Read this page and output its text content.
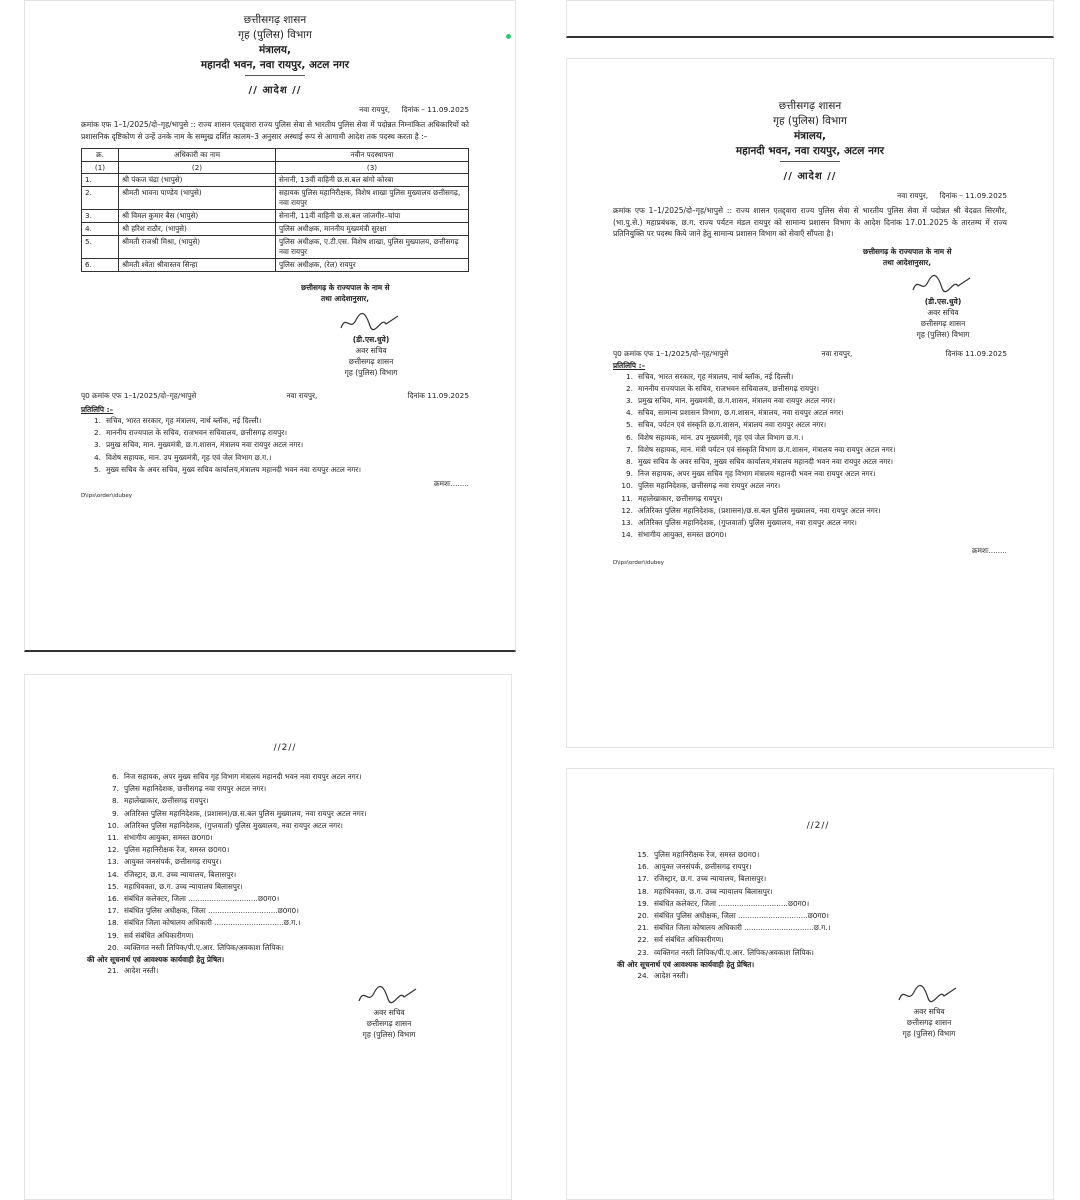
छत्तीसगढ़ शासन
गृह (पुलिस) विभाग
मंत्रालय,
महानदी भवन, नवा रायपुर, अटल नगर
// आदेश //
नवा रायपुर, दिनांक – 11.09.2025
क्रमांक एफ 1–1/2025/दो–गृह/भापुसे :: राज्य शासन एतद्द्वारा राज्य पुलिस सेवा से भारतीय पुलिस सेवा में पदोन्नत निम्नांकित अधिकारियों को प्रशासनिक दृष्टिकोण से उन्हें उनके नाम के सम्मुख दर्शित कालम–3 अनुसार अस्थाई रूप से आगामी आदेश तक पदस्थ करता है :–
क्र.	अधिकारी का नाम	नवीन पदस्थापना
(1)	(2)	(3)
1.	श्री पंकज चंद्रा (भापुसे)	सेनानी, 13वीं वाहिनी छ.स.बल बांगो कोरबा
2.	श्रीमती भावना पाण्डेय (भापुसे)	सहायक पुलिस महानिरीक्षक, विशेष शाखा पुलिस मुख्यालय छत्तीसगढ़, नवा रायपुर
3.	श्री विमल कुमार बैस (भापुसे)	सेनानी, 11वीं वाहिनी छ.स.बल जांजगीर–चांपा
4.	श्री हरिश राठौर, (भापुसे)	पुलिस अधीक्षक, माननीय मुख्यमंत्री सुरक्षा
5.	श्रीमती राजश्री मिश्रा, (भापुसे)	पुलिस अधीक्षक, ए.टी.एस. विशेष शाखा, पुलिस मुख्यालय, छत्तीसगढ़ नवा रायपुर
6.	श्रीमती श्वेता श्रीवास्तव सिन्हा	पुलिस अधीक्षक, (रेल) रायपुर
छत्तीसगढ़ के राज्यपाल के नाम से
तथा आदेशानुसार,
(डी.एस.धुवे)
अवर सचिव
छत्तीसगढ़ शासन
गृह (पुलिस) विभाग
पृ0 क्रमांक एफ 1–1/2025/दो–गृह/भापुसे	नवा रायपुर,	दिनांक 11.09.2025
प्रतिलिपि :–
1. सचिव, भारत सरकार, गृह मंत्रालय, नार्थ ब्लॉक, नई दिल्ली।
2. माननीय राज्यपाल के सचिव, राजभवन सचिवालय, छत्तीसगढ़ रायपुर।
3. प्रमुख सचिव, मान. मुख्यमंत्री, छ.ग.शासन, मंत्रालय नवा रायपुर अटल नगर।
4. विशेष सहायक, मान. उप मुख्यमंत्री, गृह एवं जेल विभाग छ.ग.।
5. मुख्य सचिव के अवर सचिव, मुख्य सचिव कार्यालय,मंत्रालय महानदी भवन नवा रायपुर अटल नगर।
क्रमशः........
D\ips\order\idubey
छत्तीसगढ़ शासन
गृह (पुलिस) विभाग
मंत्रालय,
महानदी भवन, नवा रायपुर, अटल नगर
// आदेश //
नवा रायपुर, दिनांक – 11.09.2025
क्रमांक एफ 1–1/2025/दो–गृह/भापुसे :: राज्य शासन एतद्द्वारा राज्य पुलिस सेवा से भारतीय पुलिस सेवा में पदोन्नत श्री वेदव्रत सिरमौर, (भा.पु.से.) महाप्रबंधक, छ.ग. राज्य पर्यटन मंडल रायपुर को सामान्य प्रशासन विभाग के आदेश दिनांक 17.01.2025 के तारतम्य में राज्य प्रतिनियुक्ति पर पदस्थ किये जाने हेतु सामान्य प्रशासन विभाग को सेवाएँ सौंपता है।
छत्तीसगढ़ के राज्यपाल के नाम से
तथा आदेशानुसार,
(डी.एस.धुवे)
अवर सचिव
छत्तीसगढ़ शासन
गृह (पुलिस) विभाग
पृ0 क्रमांक एफ 1–1/2025/दो–गृह/भापुसे	नवा रायपुर,	दिनांक 11.09.2025
प्रतिलिपि :–
1. सचिव, भारत सरकार, गृह मंत्रालय, नार्थ ब्लॉक, नई दिल्ली।
2. माननीय राज्यपाल के सचिव, राजभवन सचिवालय, छत्तीसगढ़ रायपुर।
3. प्रमुख सचिव, मान. मुख्यमंत्री, छ.ग.शासन, मंत्रालय नवा रायपुर अटल नगर।
4. सचिव, सामान्य प्रशासन विभाग, छ.ग.शासन, मंत्रालय, नवा रायपुर अटल नगर।
5. सचिव, पर्यटन एवं संस्कृति छ.ग.शासन, मंत्रालय नवा रायपुर अटल नगर।
6. विशेष सहायक, मान. उप मुख्यमंत्री, गृह एवं जेल विभाग छ.ग.।
7. विशेष सहायक, मान. मंत्री पर्यटन एवं संस्कृति विभाग छ.ग.शासन, मंत्रालय नवा रायपुर अटल नगर।
8. मुख्य सचिव के अवर सचिव, मुख्य सचिव कार्यालय,मंत्रालय महानदी भवन नवा रायपुर अटल नगर।
9. निज सहायक, अपर मुख्य सचिव गृह विभाग मंत्रालय महानदी भवन नवा रायपुर अटल नगर।
10. पुलिस महानिदेशक, छत्तीसगढ़ नवा रायपुर अटल नगर।
11. महालेखाकार, छत्तीसगढ़ रायपुर।
12. अतिरिक्त पुलिस महानिदेशक, (प्रशासन)/छ.स.बल पुलिस मुख्यालय, नवा रायपुर अटल नगर।
13. अतिरिक्त पुलिस महानिदेशक, (गुप्तवार्ता) पुलिस मुख्यालय, नवा रायपुर अटल नगर।
14. संभागीय आयुक्त, समस्त छ0ग0।
क्रमशः........
D\ips\order\idubey
//2//
6. निज सहायक, अपर मुख्य सचिव गृह विभाग मंत्रालय महानदी भवन नवा रायपुर अटल नगर।
7. पुलिस महानिदेशक, छत्तीसगढ़ नवा रायपुर अटल नगर।
8. महालेखाकार, छत्तीसगढ़ रायपुर।
9. अतिरिक्त पुलिस महानिदेशक, (प्रशासन)/छ.स.बल पुलिस मुख्यालय, नवा रायपुर अटल नगर।
10. अतिरिक्त पुलिस महानिदेशक, (गुप्तवार्ता) पुलिस मुख्यालय, नवा रायपुर अटल नगर।
11. संभागीय आयुक्त, समस्त छ0ग0।
12. पुलिस महानिरीक्षक रेंज, समस्त छ0ग0।
13. आयुक्त जनसंपर्क, छत्तीसगढ़ रायपुर।
14. रजिस्ट्रार, छ.ग. उच्च न्यायालय, बिलासपुर।
15. महाधिवक्ता, छ.ग. उच्च न्यायालय बिलासपुर।
16. संबंधित कलेक्टर, जिला ..............................छ0ग0।
17. संबंधित पुलिस अधीक्षक, जिला ..............................छ0ग0।
18. संबंधित जिला कोषालय अधिकारी ..............................छ.ग.।
19. सर्व संबंधित अधिकारीगण।
20. व्यक्तिगत नस्ती लिपिक/पी.ए.आर. लिपिक/अवकाश लिपिक।
की ओर सूचनार्थ एवं आवश्यक कार्यवाही हेतु प्रेषित।
21. आदेश नस्ती।
अवर सचिव
छत्तीसगढ़ शासन
गृह (पुलिस) विभाग
//2//
15. पुलिस महानिरीक्षक रेंज, समस्त छ0ग0।
16. आयुक्त जनसंपर्क, छत्तीसगढ़ रायपुर।
17. रजिस्ट्रार, छ.ग. उच्च न्यायालय, बिलासपुर।
18. महाधिवक्ता, छ.ग. उच्च न्यायालय बिलासपुर।
19. संबंधित कलेक्टर, जिला ..............................छ0ग0।
20. संबंधित पुलिस अधीक्षक, जिला ..............................छ0ग0।
21. संबंधित जिला कोषालय अधिकारी ..............................छ.ग.।
22. सर्व संबंधित अधिकारीगण।
23. व्यक्तिगत नस्ती लिपिक/पी.ए.आर. लिपिक/अवकाश लिपिक।
की ओर सूचनार्थ एवं आवश्यक कार्यवाही हेतु प्रेषित।
24. आदेश नस्ती।
अवर सचिव
छत्तीसगढ़ शासन
गृह (पुलिस) विभाग
